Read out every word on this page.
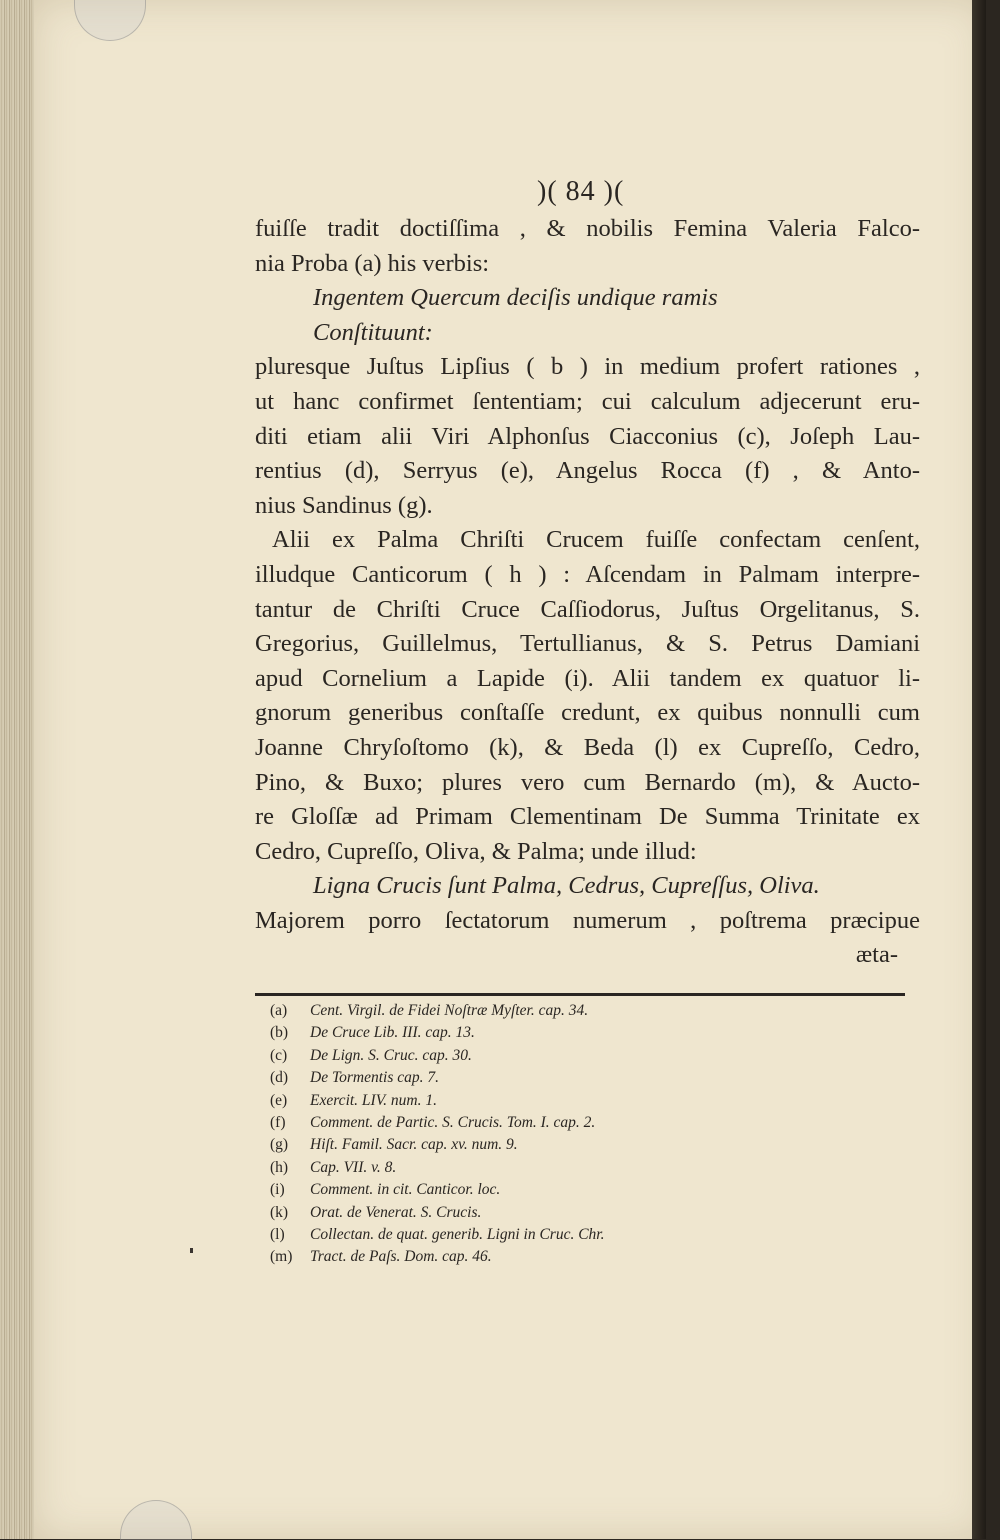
)( 84 )(
fuiſſe tradit doctiſſima , & nobilis Femina Valeria Falco-
nia Proba (a) his verbis:
Ingentem Quercum deciſis undique ramis
Conſtituunt:
pluresque Juſtus Lipſius ( b ) in medium profert rationes ,
ut hanc confirmet ſententiam; cui calculum adjecerunt eru-
diti etiam alii Viri Alphonſus Ciacconius (c), Joſeph Lau-
rentius (d), Serryus (e), Angelus Rocca (f) , & Anto-
nius Sandinus (g).
Alii ex Palma Chriſti Crucem fuiſſe confectam cenſent,
illudque Canticorum ( h ) : Aſcendam in Palmam interpre-
tantur de Chriſti Cruce Caſſiodorus, Juſtus Orgelitanus, S.
Gregorius, Guillelmus, Tertullianus, & S. Petrus Damiani
apud Cornelium a Lapide (i). Alii tandem ex quatuor li-
gnorum generibus conſtaſſe credunt, ex quibus nonnulli cum
Joanne Chryſoſtomo (k), & Beda (l) ex Cupreſſo, Cedro,
Pino, & Buxo; plures vero cum Bernardo (m), & Aucto-
re Gloſſæ ad Primam Clementinam De Summa Trinitate ex
Cedro, Cupreſſo, Oliva, & Palma; unde illud:
Ligna Crucis ſunt Palma, Cedrus, Cupreſſus, Oliva.
Majorem porro ſectatorum numerum , poſtrema præcipue
æta-
(a) Cent. Virgil. de Fidei Noſtræ Myſter. cap. 34.
(b) De Cruce Lib. III. cap. 13.
(c) De Lign. S. Cruc. cap. 30.
(d) De Tormentis cap. 7.
(e) Exercit. LIV. num. 1.
(f) Comment. de Partic. S. Crucis. Tom. I. cap. 2.
(g) Hiſt. Famil. Sacr. cap. xv. num. 9.
(h) Cap. VII. v. 8.
(i) Comment. in cit. Canticor. loc.
(k) Orat. de Venerat. S. Crucis.
(l) Collectan. de quat. generib. Ligni in Cruc. Chr.
(m) Tract. de Paſs. Dom. cap. 46.
